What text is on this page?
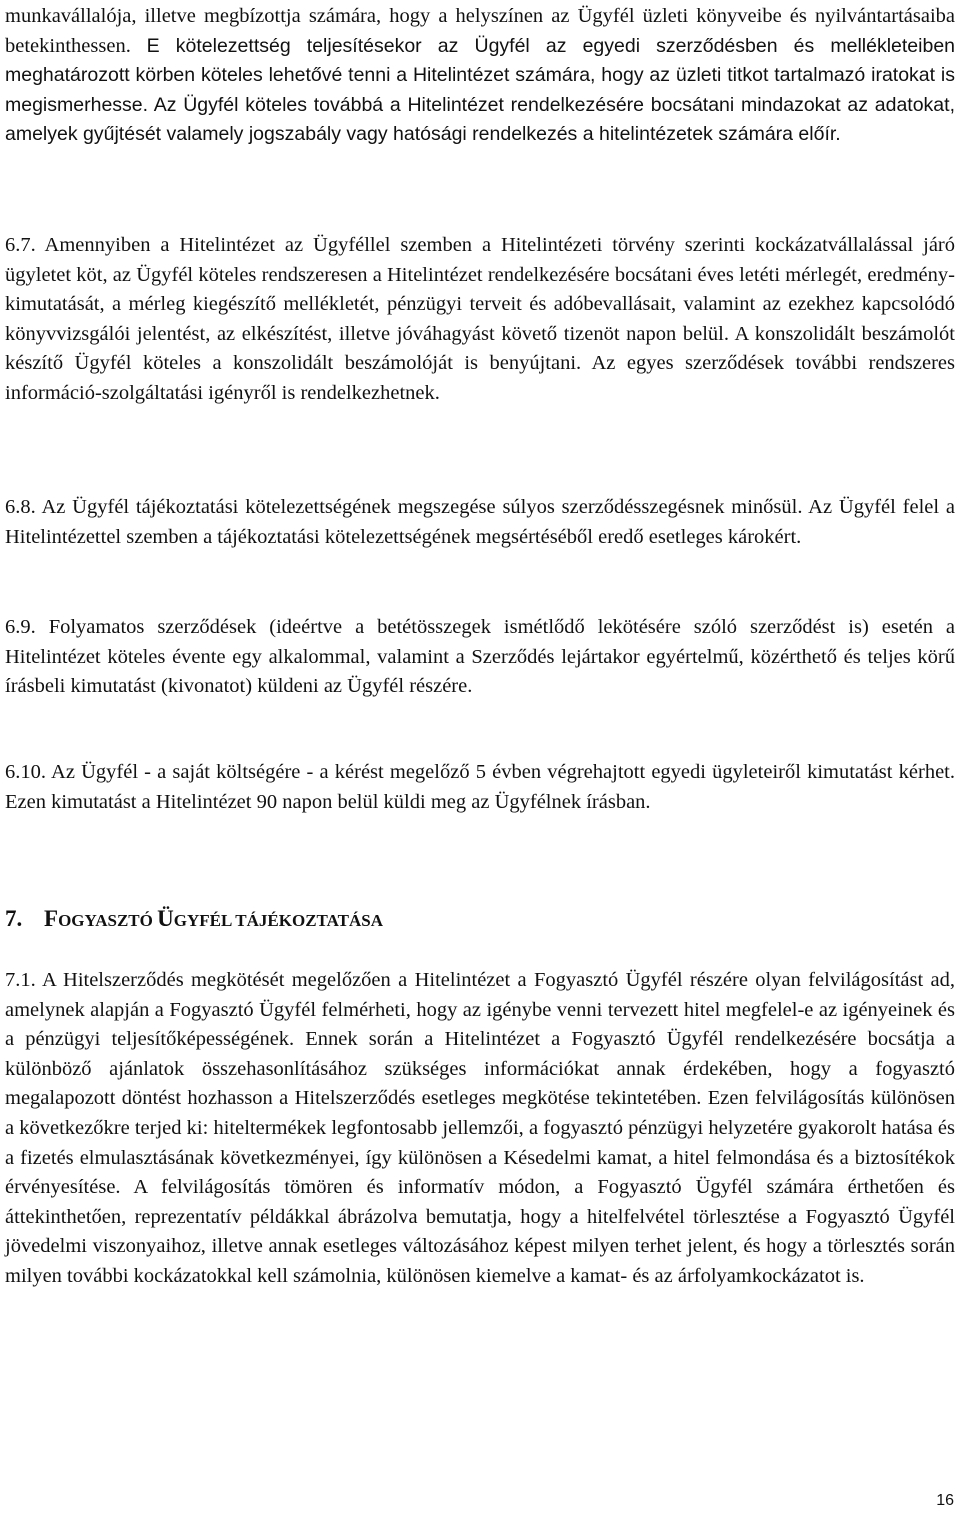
munkavállalója, illetve megbízottja számára, hogy a helyszínen az Ügyfél üzleti könyveibe és nyilvántartásaiba betekinthessen. E kötelezettség teljesítésekor az Ügyfél az egyedi szerződésben és mellékleteiben meghatározott körben köteles lehetővé tenni a Hitelintézet számára, hogy az üzleti titkot tartalmazó iratokat is megismerhesse. Az Ügyfél köteles továbbá a Hitelintézet rendelkezésére bocsátani mindazokat az adatokat, amelyek gyűjtését valamely jogszabály vagy hatósági rendelkezés a hitelintézetek számára előír.
6.7. Amennyiben a Hitelintézet az Ügyféllel szemben a Hitelintézeti törvény szerinti kockázatvállalással járó ügyletet köt, az Ügyfél köteles rendszeresen a Hitelintézet rendelkezésére bocsátani éves letéti mérlegét, eredmény-kimutatását, a mérleg kiegészítő mellékletét, pénzügyi terveit és adóbevallásait, valamint az ezekhez kapcsolódó könyvvizsgálói jelentést, az elkészítést, illetve jóváhagyást követő tizenöt napon belül. A konszolidált beszámolót készítő Ügyfél köteles a konszolidált beszámolóját is benyújtani. Az egyes szerződések további rendszeres információ-szolgáltatási igényről is rendelkezhetnek.
6.8. Az Ügyfél tájékoztatási kötelezettségének megszegése súlyos szerződésszegésnek minősül. Az Ügyfél felel a Hitelintézettel szemben a tájékoztatási kötelezettségének megsértéséből eredő esetleges károkért.
6.9. Folyamatos szerződések (ideértve a betétösszegek ismétlődő lekötésére szóló szerződést is) esetén a Hitelintézet köteles évente egy alkalommal, valamint a Szerződés lejártakor egyértelmű, közérthető és teljes körű írásbeli kimutatást (kivonatot) küldeni az Ügyfél részére.
6.10. Az Ügyfél - a saját költségére - a kérést megelőző 5 évben végrehajtott egyedi ügyleteiről kimutatást kérhet. Ezen kimutatást a Hitelintézet 90 napon belül küldi meg az Ügyfélnek írásban.
7. FOGYASZTÓ ÜGYFÉL TÁJÉKOZTATÁSA
7.1. A Hitelszerződés megkötését megelőzően a Hitelintézet a Fogyasztó Ügyfél részére olyan felvilágosítást ad, amelynek alapján a Fogyasztó Ügyfél felmérheti, hogy az igénybe venni tervezett hitel megfelel-e az igényeinek és a pénzügyi teljesítőképességének. Ennek során a Hitelintézet a Fogyasztó Ügyfél rendelkezésére bocsátja a különböző ajánlatok összehasonlításához szükséges információkat annak érdekében, hogy a fogyasztó megalapozott döntést hozhasson a Hitelszerződés esetleges megkötése tekintetében. Ezen felvilágosítás különösen a következőkre terjed ki: hiteltermékek legfontosabb jellemzői, a fogyasztó pénzügyi helyzetére gyakorolt hatása és a fizetés elmulasztásának következményei, így különösen a Késedelmi kamat, a hitel felmondása és a biztosítékok érvényesítése. A felvilágosítás tömören és informatív módon, a Fogyasztó Ügyfél számára érthetően és áttekinthetően, reprezentatív példákkal ábrázolva bemutatja, hogy a hitelfelvétel törlesztése a Fogyasztó Ügyfél jövedelmi viszonyaihoz, illetve annak esetleges változásához képest milyen terhet jelent, és hogy a törlesztés során milyen további kockázatokkal kell számolnia, különösen kiemelve a kamat- és az árfolyamkockázatot is.
16
